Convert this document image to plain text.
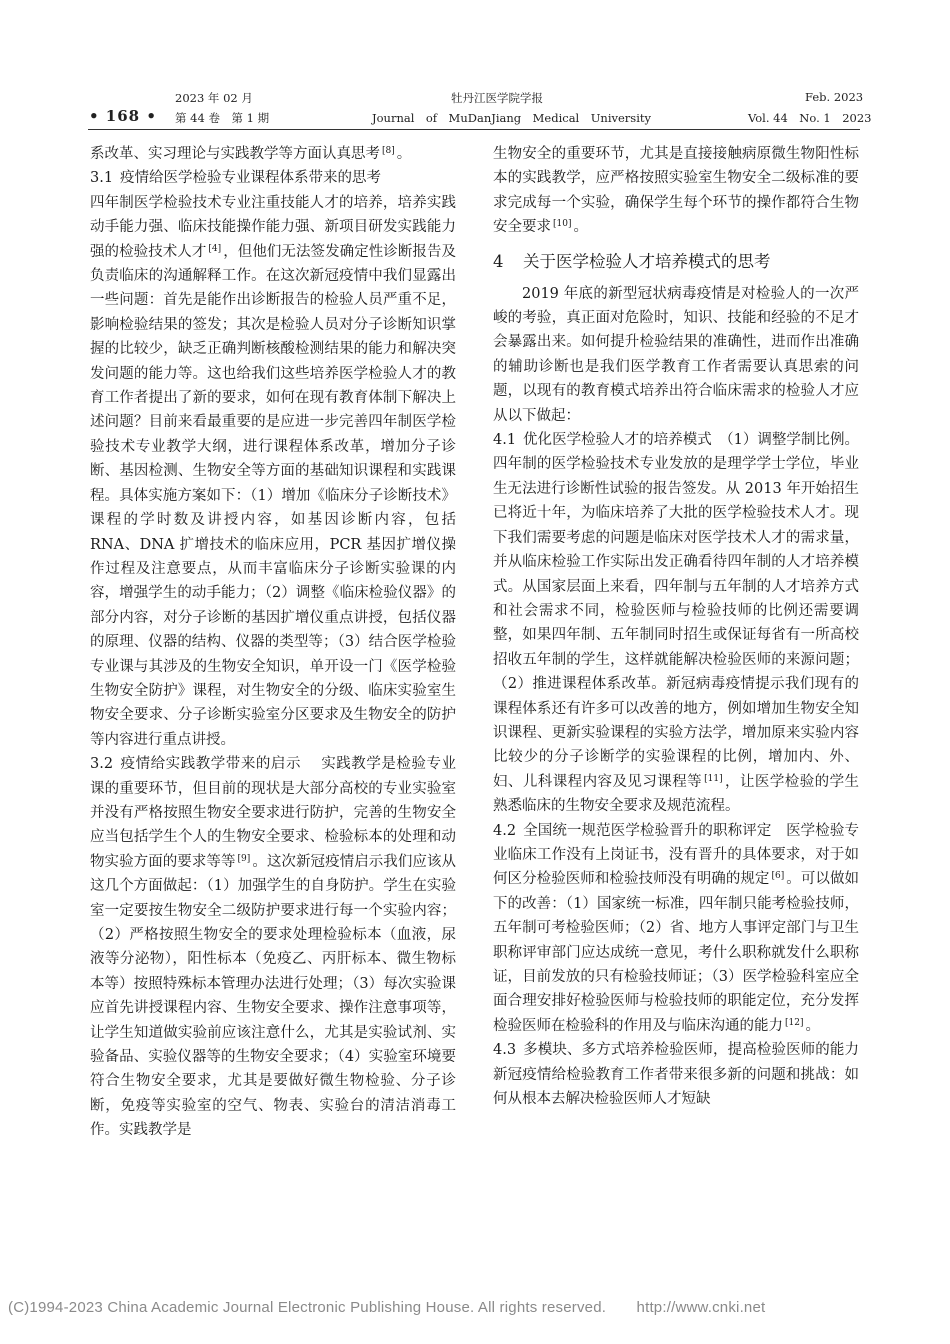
2023 年 02 月
• 168 • 第 44 卷　第 1 期
牡丹江医学院学报
Journal　of　MuDanJiang　Medical　University
Feb. 2023
Vol. 44　No. 1　2023

系改革、实习理论与实践教学等方面认真思考 [8] 。

3.1 疫情给医学检验专业课程体系带来的思考

四年制医学检验技术专业注重技能人才的培养，培养实践动手能力强、临床技能操作能力强、新项目研发实践能力强的检验技术人才 [4] ，但他们无法签发确定性诊断报告及负责临床的沟通解释工作。在这次新冠疫情中我们显露出一些问题：首先是能作出诊断报告的检验人员严重不足，影响检验结果的签发；其次是检验人员对分子诊断知识掌握的比较少，缺乏正确判断核酸检测结果的能力和解决突发问题的能力等。这也给我们这些培养医学检验人才的教育工作者提出了新的要求，如何在现有教育体制下解决上述问题？目前来看最重要的是应进一步完善四年制医学检验技术专业教学大纲，进行课程体系改革，增加分子诊断、基因检测、生物安全等方面的基础知识课程和实践课程。具体实施方案如下：（1）增加《临床分子诊断技术》课程的学时数及讲授内容，如基因诊断内容，包括 RNA、DNA 扩增技术的临床应用，PCR 基因扩增仪操作过程及注意要点，从而丰富临床分子诊断实验课的内容，增强学生的动手能力；（2）调整《临床检验仪器》的部分内容，对分子诊断的基因扩增仪重点讲授，包括仪器的原理、仪器的结构、仪器的类型等；（3）结合医学检验专业课与其涉及的生物安全知识，单开设一门《医学检验生物安全防护》课程，对生物安全的分级、临床实验室生物安全要求、分子诊断实验室分区要求及生物安全的防护等内容进行重点讲授。

3.2 疫情给实践教学带来的启示　 实践教学是检验专业课的重要环节，但目前的现状是大部分高校的专业实验室并没有严格按照生物安全要求进行防护，完善的生物安全应当包括学生个人的生物安全要求、检验标本的处理和动物实验方面的要求等等 [9] 。这次新冠疫情启示我们应该从这几个方面做起：（1）加强学生的自身防护。学生在实验室一定要按生物安全二级防护要求进行每一个实验内容；（2）严格按照生物安全的要求处理检验标本（血液，尿液等分泌物），阳性标本（免疫乙、丙肝标本、微生物标本等）按照特殊标本管理办法进行处理；（3）每次实验课应首先讲授课程内容、生物安全要求、操作注意事项等，让学生知道做实验前应该注意什么，尤其是实验试剂、实验备品、实验仪器等的生物安全要求；（4）实验室环境要符合生物安全要求，尤其是要做好微生物检验、分子诊断，免疫等实验室的空气、物表、实验台的清洁消毒工作。实践教学是

生物安全的重要环节，尤其是直接接触病原微生物阳性标本的实践教学，应严格按照实验室生物安全二级标准的要求完成每一个实验，确保学生每个环节的操作都符合生物安全要求 [10] 。

4 关于医学检验人才培养模式的思考

2019 年底的新型冠状病毒疫情是对检验人的一次严峻的考验，真正面对危险时，知识、技能和经验的不足才会暴露出来。如何提升检验结果的准确性，进而作出准确的辅助诊断也是我们医学教育工作者需要认真思索的问题，以现有的教育模式培养出符合临床需求的检验人才应从以下做起：

4.1 优化医学检验人才的培养模式　 （1）调整学制比例。四年制的医学检验技术专业发放的是理学学士学位，毕业生无法进行诊断性试验的报告签发。从 2013 年开始招生已将近十年，为临床培养了大批的医学检验技术人才。现下我们需要考虑的问题是临床对医学技术人才的需求量，并从临床检验工作实际出发正确看待四年制的人才培养模式。从国家层面上来看，四年制与五年制的人才培养方式和社会需求不同，检验医师与检验技师的比例还需要调整，如果四年制、五年制同时招生或保证每省有一所高校招收五年制的学生，这样就能解决检验医师的来源问题；（2）推进课程体系改革。新冠病毒疫情提示我们现有的课程体系还有许多可以改善的地方，例如增加生物安全知识课程、更新实验课程的实验方法学，增加原来实验内容比较少的分子诊断学的实验课程的比例，增加内、外、妇、儿科课程内容及见习课程等 [11] ，让医学检验的学生熟悉临床的生物安全要求及规范流程。

4.2 全国统一规范医学检验晋升的职称评定　 医学检验专业临床工作没有上岗证书，没有晋升的具体要求，对于如何区分检验医师和检验技师没有明确的规定 [6] 。可以做如下的改善：（1）国家统一标准，四年制只能考检验技师，五年制可考检验医师；（2）省、地方人事评定部门与卫生职称评审部门应达成统一意见，考什么职称就发什么职称证，目前发放的只有检验技师证；（3）医学检验科室应全面合理安排好检验医师与检验技师的职能定位，充分发挥检验医师在检验科的作用及与临床沟通的能力 [12] 。

4.3 多模块、多方式培养检验医师，提高检验医师的能力　新冠疫情给检验教育工作者带来很多新的问题和挑战：如何从根本去解决检验医师人才短缺

(C)1994-2023 China Academic Journal Electronic Publishing House. All rights reserved.　　http://www.cnki.net
